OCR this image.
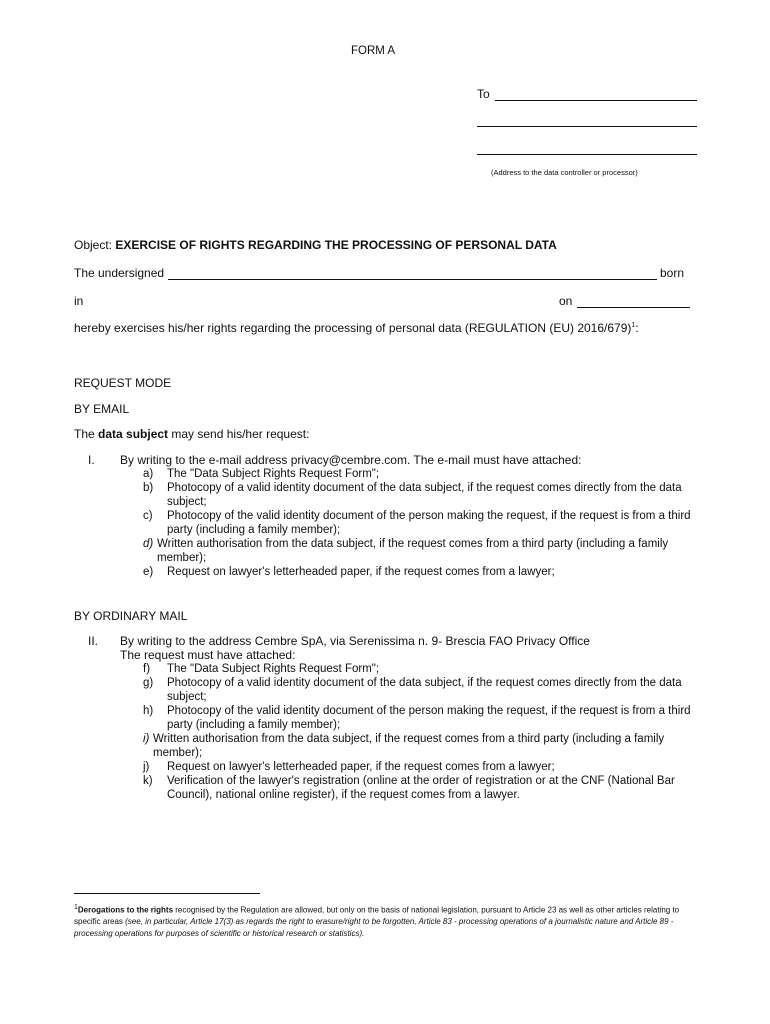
FORM A
To
(Address to the data controller or processor)
Object: EXERCISE OF RIGHTS REGARDING THE PROCESSING OF PERSONAL DATA
The undersigned	born
in	on
hereby exercises his/her rights regarding the processing of personal data (REGULATION (EU) 2016/679)$^1$:
REQUEST MODE
BY EMAIL
The data subject may send his/her request:
I. By writing to the e-mail address privacy@cembre.com. The e-mail must have attached:
a) The "Data Subject Rights Request Form";
b) Photocopy of a valid identity document of the data subject, if the request comes directly from the data subject;
c) Photocopy of the valid identity document of the person making the request, if the request is from a third party (including a family member);
d) Written authorisation from the data subject, if the request comes from a third party (including a family member);
e) Request on lawyer's letterheaded paper, if the request comes from a lawyer;
BY ORDINARY MAIL
II. By writing to the address Cembre SpA, via Serenissima n. 9- Brescia FAO Privacy Office
The request must have attached:
f) The "Data Subject Rights Request Form";
g) Photocopy of a valid identity document of the data subject, if the request comes directly from the data subject;
h) Photocopy of the valid identity document of the person making the request, if the request is from a third party (including a family member);
i) Written authorisation from the data subject, if the request comes from a third party (including a family member);
j) Request on lawyer's letterheaded paper, if the request comes from a lawyer;
k) Verification of the lawyer's registration (online at the order of registration or at the CNF (National Bar Council), national online register), if the request comes from a lawyer.
1Derogations to the rights recognised by the Regulation are allowed, but only on the basis of national legislation, pursuant to Article 23 as well as other articles relating to specific areas (see, in particular, Article 17(3) as regards the right to erasure/right to be forgotten, Article 83 - processing operations of a journalistic nature and Article 89 - processing operations for purposes of scientific or historical research or statistics).
